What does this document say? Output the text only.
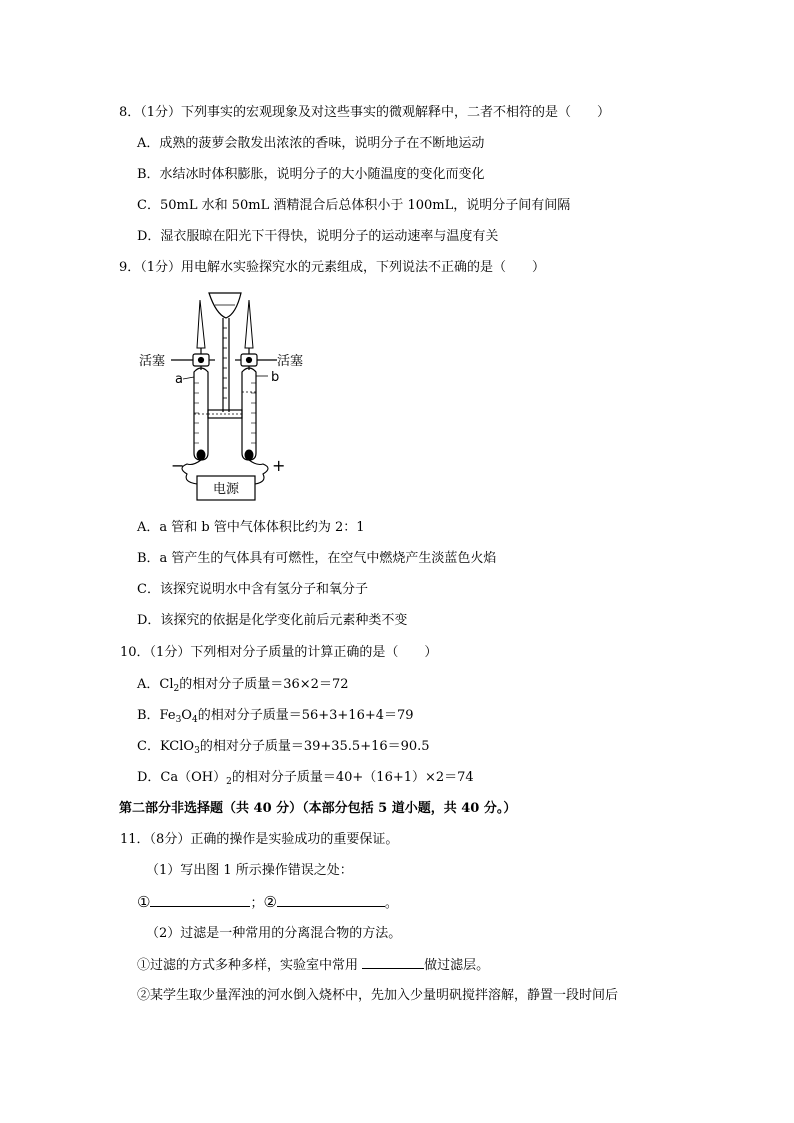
8．（1分）下列事实的宏观现象及对这些事实的微观解释中，二者不相符的是（　　）
A．成熟的菠萝会散发出浓浓的香味，说明分子在不断地运动
B．水结冰时体积膨胀，说明分子的大小随温度的变化而变化
C．50mL 水和 50mL 酒精混合后总体积小于 100mL，说明分子间有间隔
D．湿衣服晾在阳光下干得快，说明分子的运动速率与温度有关
9．（1分）用电解水实验探究水的元素组成，下列说法不正确的是（　　）
活塞	活塞
a	b
−	+
电源
A．a 管和 b 管中气体体积比约为 2：1
B．a 管产生的气体具有可燃性，在空气中燃烧产生淡蓝色火焰
C．该探究说明水中含有氢分子和氧分子
D．该探究的依据是化学变化前后元素种类不变
10．（1分）下列相对分子质量的计算正确的是（　　）
A．$Cl_2$的相对分子质量＝36×2＝72
B．$Fe_3O_4$的相对分子质量＝56+3+16+4＝79
C．KClO$_3$的相对分子质量＝39+35.5+16＝90.5
D．$Ca(OH)_2$的相对分子质量＝40+（16+1）×2＝74
第二部分非选择题（共 40 分）（本部分包括 5 道小题，共 40 分。）
11．（8分）正确的操作是实验成功的重要保证。
（1）写出图 1 所示操作错误之处：
①	；②	。
（2）过滤是一种常用的分离混合物的方法。
①过滤的方式多种多样，实验室中常用	做过滤层。
②某学生取少量浑浊的河水倒入烧杯中，先加入少量明矾搅拌溶解，静置一段时间后
